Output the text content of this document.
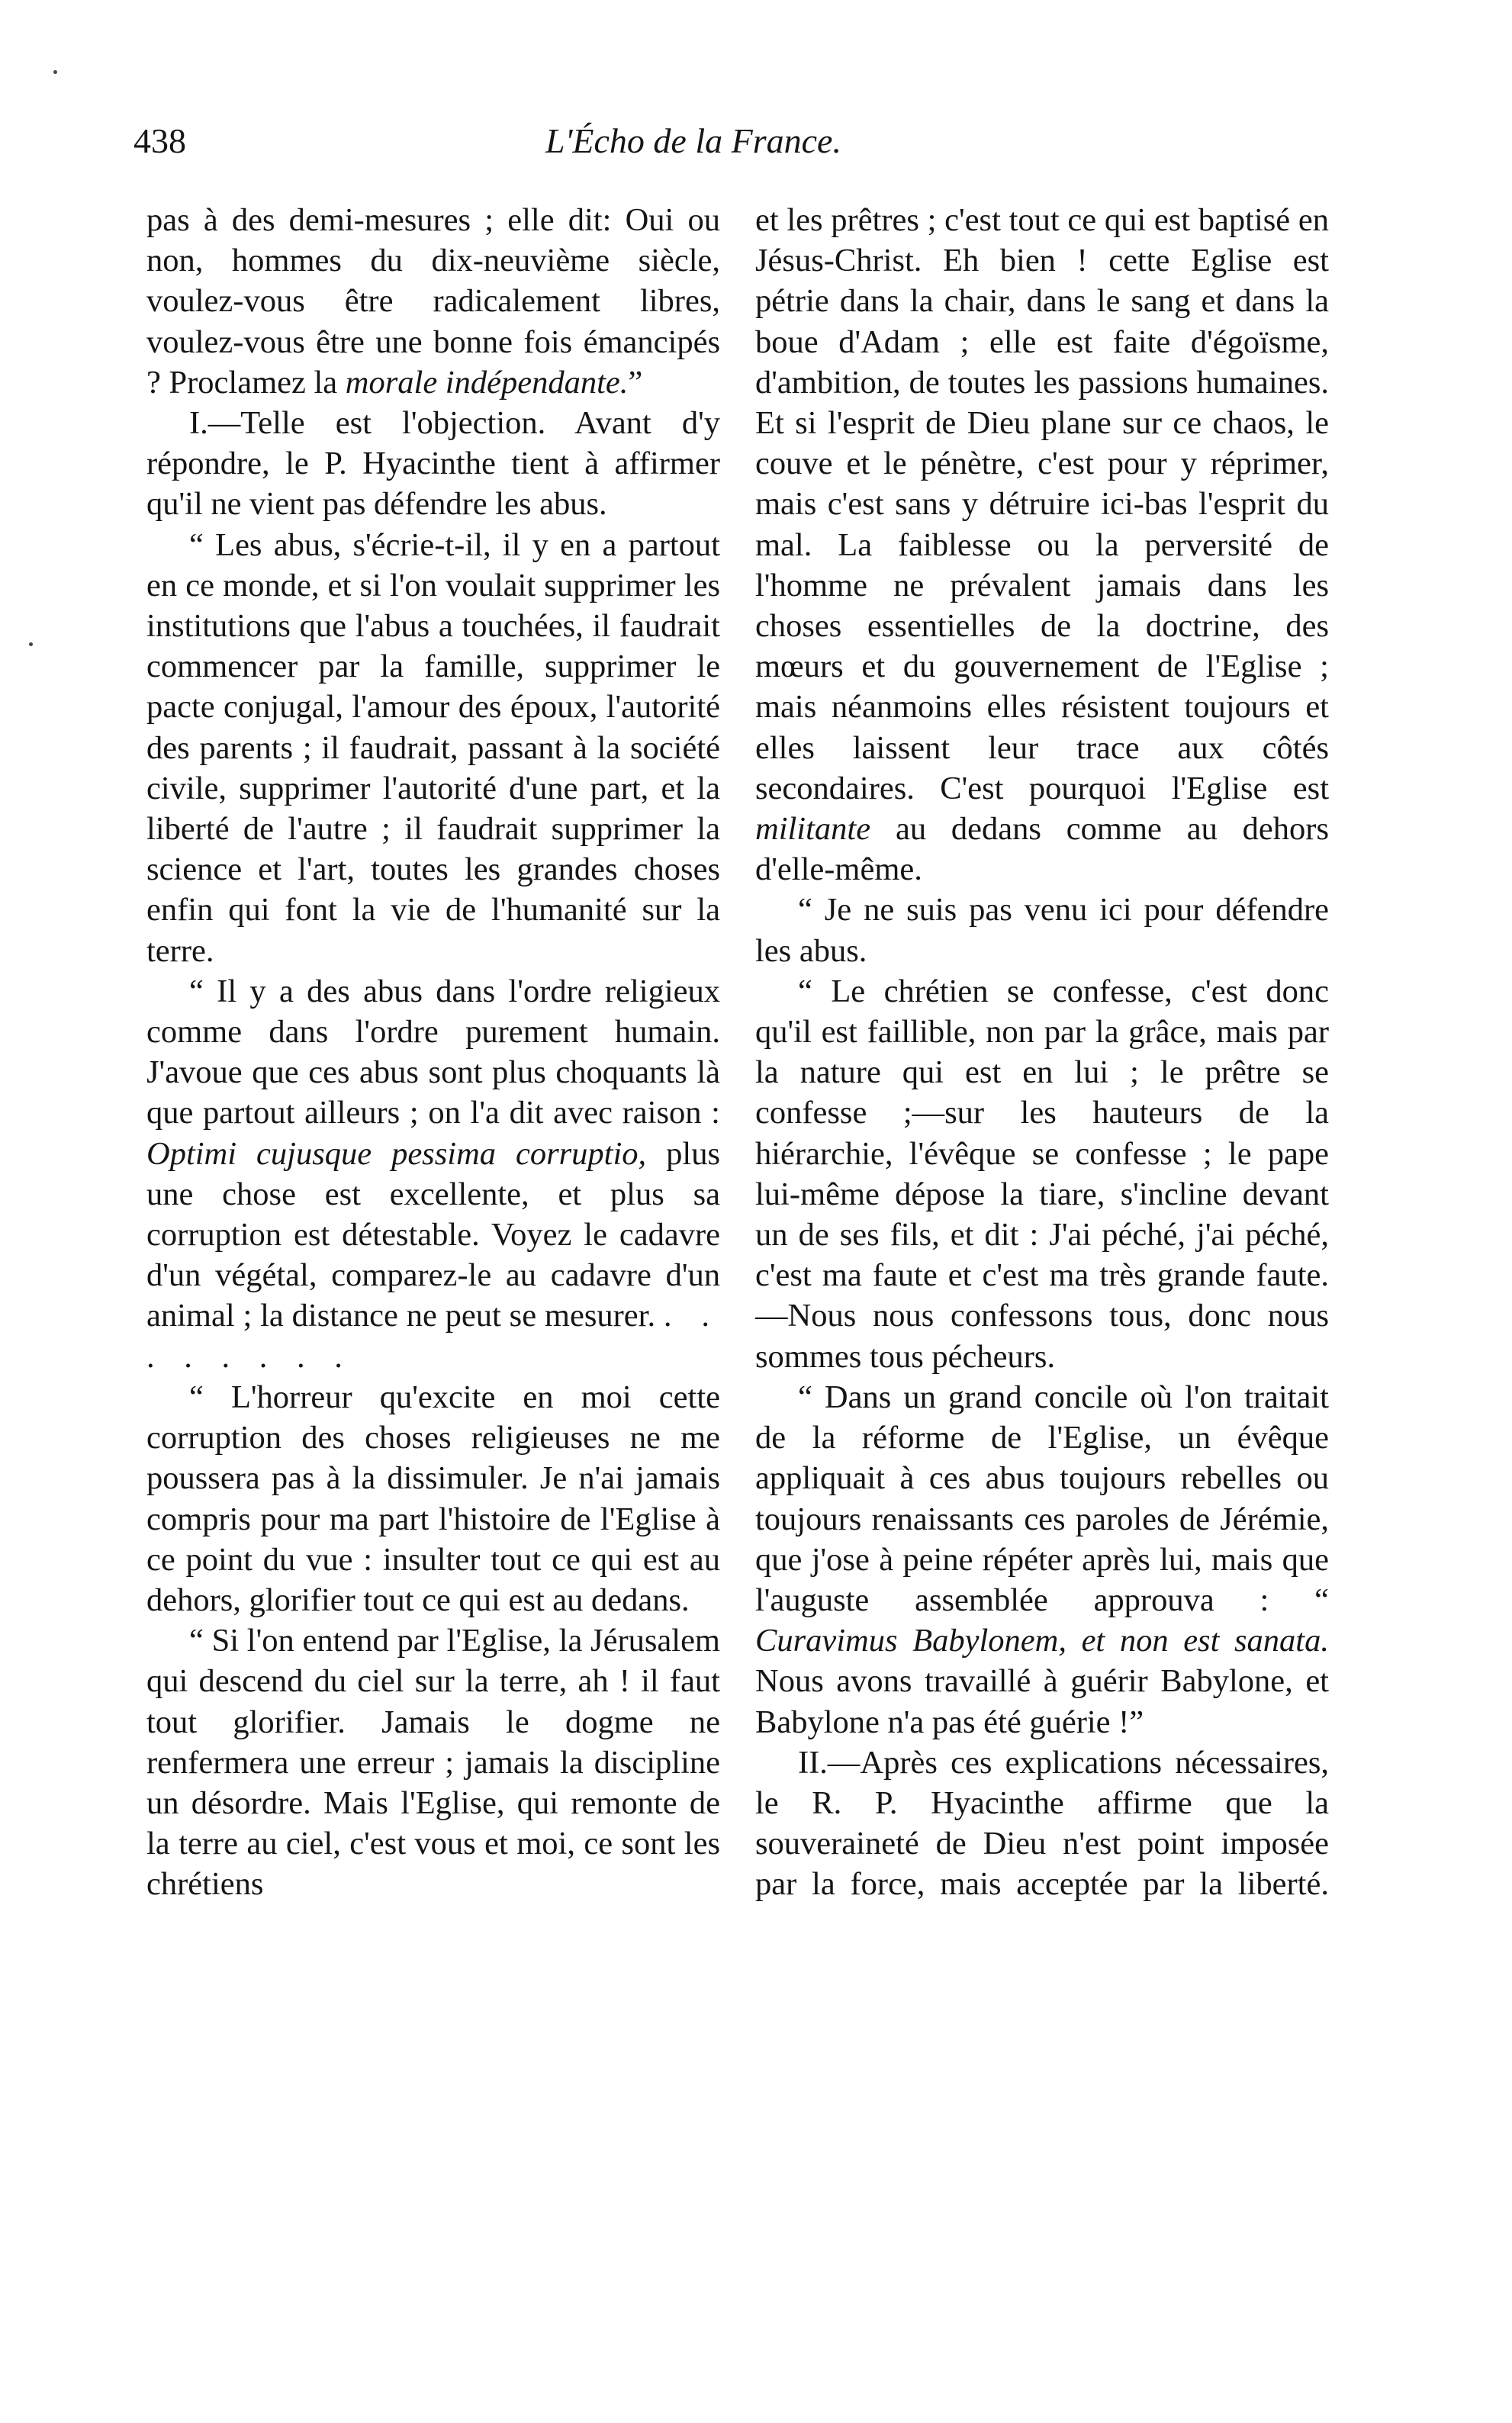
438	L'Écho de la France.

pas à des demi-mesures ; elle dit: Oui ou non, hommes du dix-neuvième siècle, voulez-vous être radicalement libres, voulez-vous être une bonne fois émancipés ? Proclamez la morale indépendante.”

I.—Telle est l'objection. Avant d'y répondre, le P. Hyacinthe tient à affirmer qu'il ne vient pas défendre les abus.

“ Les abus, s'écrie-t-il, il y en a partout en ce monde, et si l'on voulait supprimer les institutions que l'abus a touchées, il faudrait commencer par la famille, supprimer le pacte conjugal, l'amour des époux, l'autorité des parents ; il faudrait, passant à la société civile, supprimer l'autorité d'une part, et la liberté de l'autre ; il faudrait supprimer la science et l'art, toutes les grandes choses enfin qui font la vie de l'humanité sur la terre.

“ Il y a des abus dans l'ordre religieux comme dans l'ordre purement humain. J'avoue que ces abus sont plus choquants là que partout ailleurs ; on l'a dit avec raison : Optimi cujusque pessima corruptio, plus une chose est excellente, et plus sa corruption est détestable. Voyez le cadavre d'un végétal, comparez-le au cadavre d'un animal ; la distance ne peut se mesurer. . . . . . . . .

“ L'horreur qu'excite en moi cette corruption des choses religieuses ne me poussera pas à la dissimuler. Je n'ai jamais compris pour ma part l'histoire de l'Eglise à ce point du vue : insulter tout ce qui est au dehors, glorifier tout ce qui est au dedans.

“ Si l'on entend par l'Eglise, la Jérusalem qui descend du ciel sur la terre, ah ! il faut tout glorifier. Jamais le dogme ne renfermera une erreur ; jamais la discipline un désordre. Mais l'Eglise, qui remonte de la terre au ciel, c'est vous et moi, ce sont les chrétiens

et les prêtres ; c'est tout ce qui est baptisé en Jésus-Christ. Eh bien ! cette Eglise est pétrie dans la chair, dans le sang et dans la boue d'Adam ; elle est faite d'égoïsme, d'ambition, de toutes les passions humaines. Et si l'esprit de Dieu plane sur ce chaos, le couve et le pénètre, c'est pour y réprimer, mais c'est sans y détruire ici-bas l'esprit du mal. La faiblesse ou la perversité de l'homme ne prévalent jamais dans les choses essentielles de la doctrine, des mœurs et du gouvernement de l'Eglise ; mais néanmoins elles résistent toujours et elles laissent leur trace aux côtés secondaires. C'est pourquoi l'Eglise est militante au dedans comme au dehors d'elle-même.

“ Je ne suis pas venu ici pour défendre les abus.

“ Le chrétien se confesse, c'est donc qu'il est faillible, non par la grâce, mais par la nature qui est en lui ; le prêtre se confesse ;—sur les hauteurs de la hiérarchie, l'évêque se confesse ; le pape lui-même dépose la tiare, s'incline devant un de ses fils, et dit : J'ai péché, j'ai péché, c'est ma faute et c'est ma très grande faute.—Nous nous confessons tous, donc nous sommes tous pécheurs.

“ Dans un grand concile où l'on traitait de la réforme de l'Eglise, un évêque appliquait à ces abus toujours rebelles ou toujours renaissants ces paroles de Jérémie, que j'ose à peine répéter après lui, mais que l'auguste assemblée approuva : “ Curavimus Babylonem, et non est sanata. Nous avons travaillé à guérir Babylone, et Babylone n'a pas été guérie !”

II.—Après ces explications nécessaires, le R. P. Hyacinthe affirme que la souveraineté de Dieu n'est point imposée par la force, mais acceptée par la liberté.
